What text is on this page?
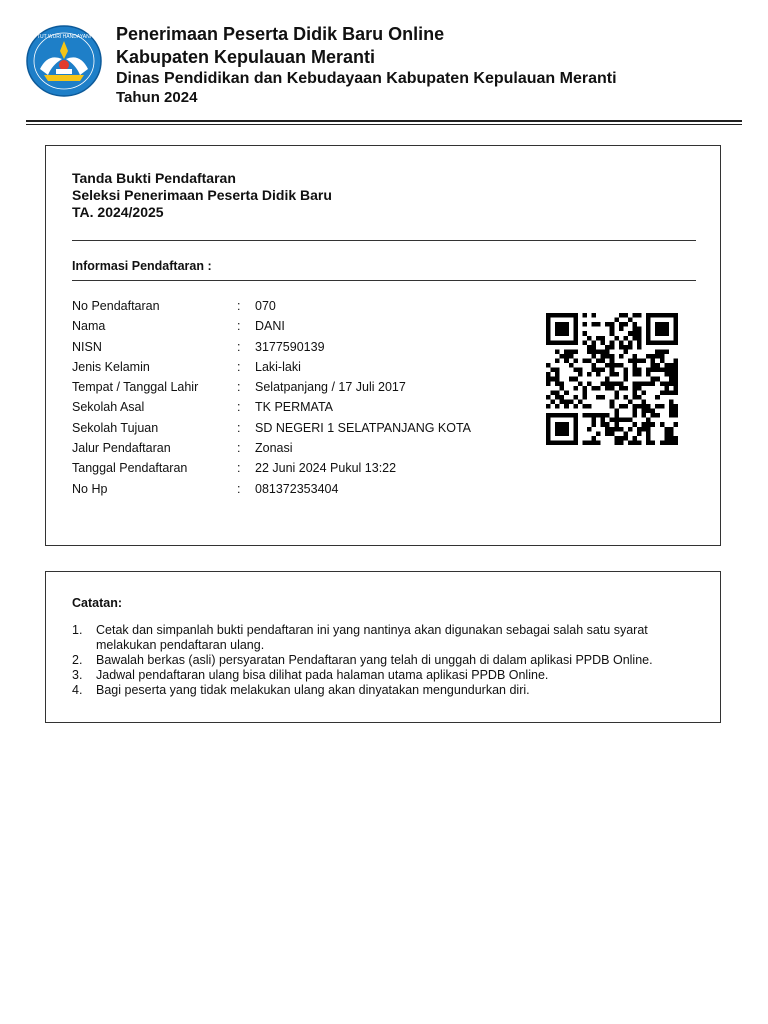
TUT WURI HANDAYANI Penerimaan Peserta Didik Baru Online
Kabupaten Kepulauan Meranti
Dinas Pendidikan dan Kebudayaan Kabupaten Kepulauan Meranti
Tahun 2024
Tanda Bukti Pendaftaran
Seleksi Penerimaan Peserta Didik Baru
TA. 2024/2025
Informasi Pendaftaran :
No Pendaftaran	: 070
Nama	: DANI
NISN	: 3177590139
Jenis Kelamin	: Laki-laki
Tempat / Tanggal Lahir	: Selatpanjang / 17 Juli 2017
Sekolah Asal	: TK PERMATA
Sekolah Tujuan	: SD NEGERI 1 SELATPANJANG KOTA
Jalur Pendaftaran	: Zonasi
Tanggal Pendaftaran	: 22 Juni 2024 Pukul 13:22
No Hp	: 081372353404
Catatan:
1. Cetak dan simpanlah bukti pendaftaran ini yang nantinya akan digunakan sebagai salah satu syarat melakukan pendaftaran ulang.
2. Bawalah berkas (asli) persyaratan Pendaftaran yang telah di unggah di dalam aplikasi PPDB Online.
3. Jadwal pendaftaran ulang bisa dilihat pada halaman utama aplikasi PPDB Online.
4. Bagi peserta yang tidak melakukan ulang akan dinyatakan mengundurkan diri.
